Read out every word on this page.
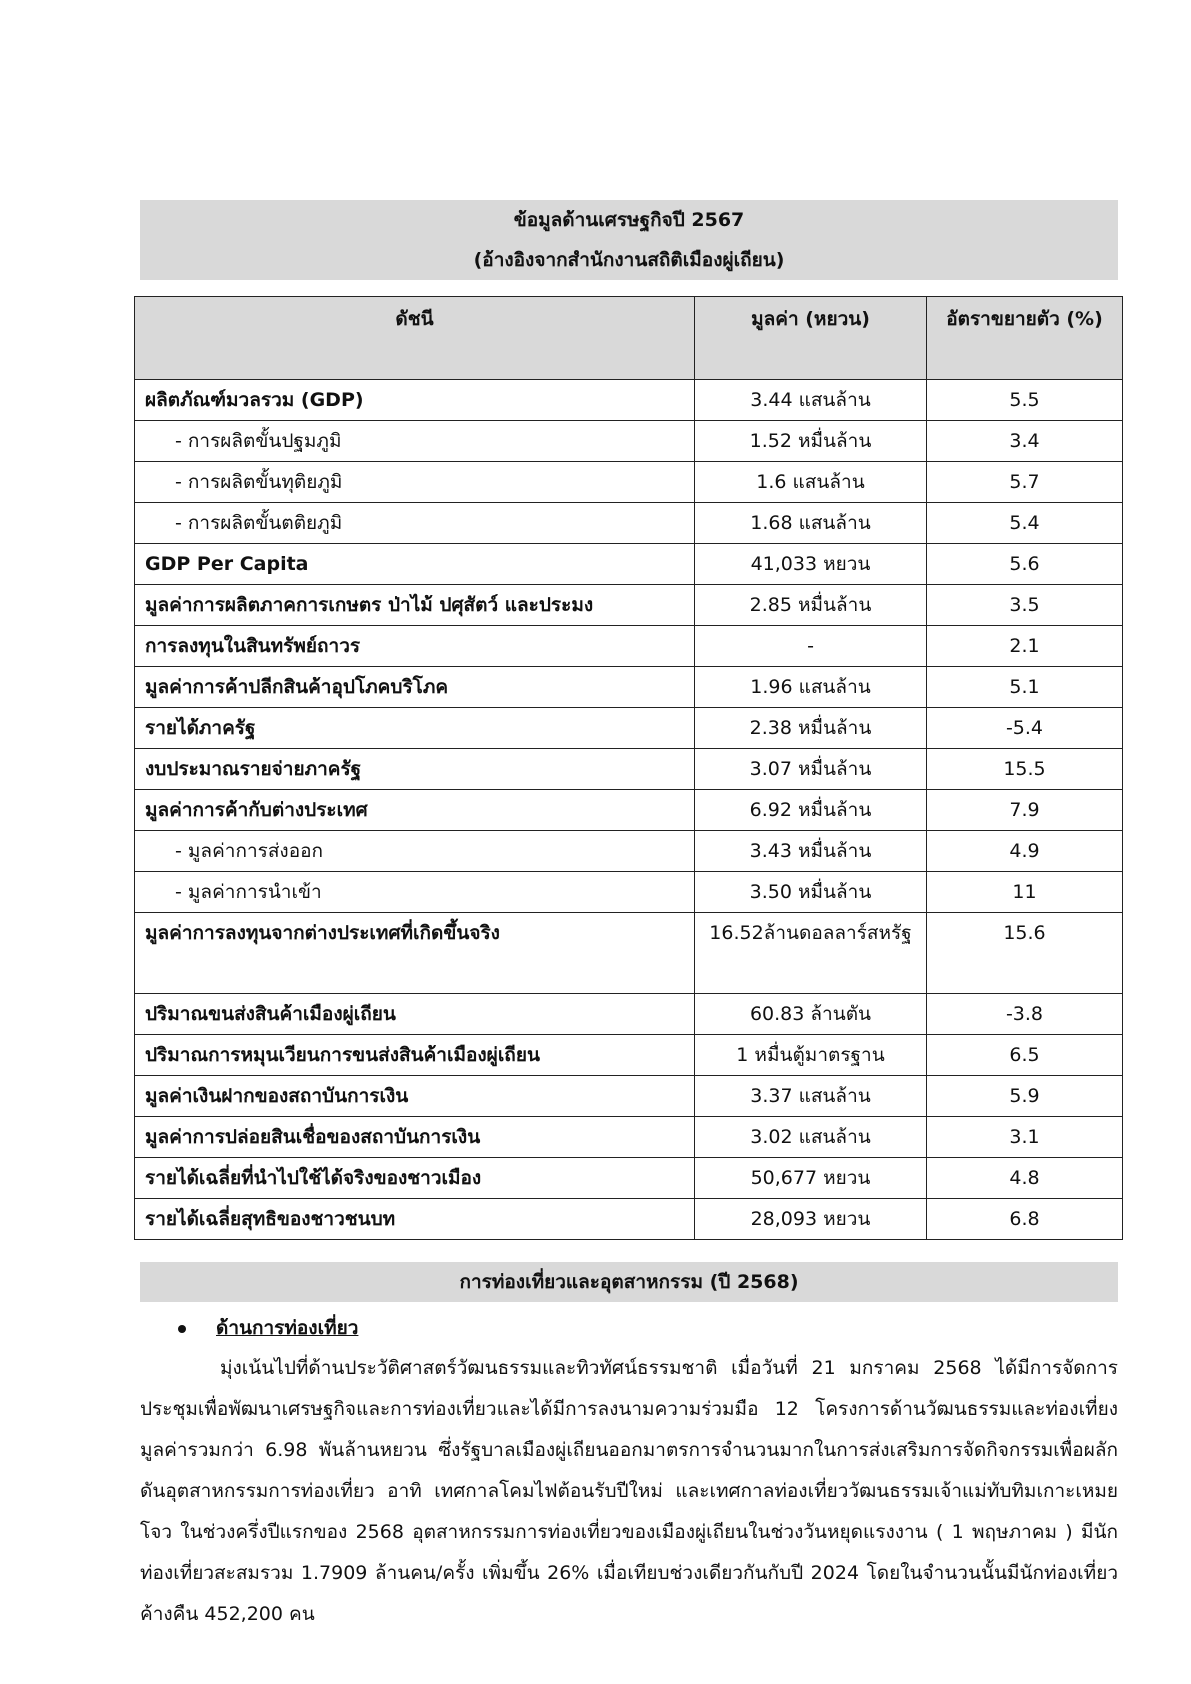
ข้อมูลด้านเศรษฐกิจปี 2567
(อ้างอิงจากสำนักงานสถิติเมืองผู่เถียน)
ดัชนี	มูลค่า (หยวน)	อัตราขยายตัว (%)
ผลิตภัณฑ์มวลรวม (GDP)	3.44 แสนล้าน	5.5
- การผลิตขั้นปฐมภูมิ	1.52 หมื่นล้าน	3.4
- การผลิตขั้นทุติยภูมิ	1.6 แสนล้าน	5.7
- การผลิตขั้นตติยภูมิ	1.68 แสนล้าน	5.4
GDP Per Capita	41,033 หยวน	5.6
มูลค่าการผลิตภาคการเกษตร ป่าไม้ ปศุสัตว์ และประมง	2.85 หมื่นล้าน	3.5
การลงทุนในสินทรัพย์ถาวร	-	2.1
มูลค่าการค้าปลีกสินค้าอุปโภคบริโภค	1.96 แสนล้าน	5.1
รายได้ภาครัฐ	2.38 หมื่นล้าน	-5.4
งบประมาณรายจ่ายภาครัฐ	3.07 หมื่นล้าน	15.5
มูลค่าการค้ากับต่างประเทศ	6.92 หมื่นล้าน	7.9
- มูลค่าการส่งออก	3.43 หมื่นล้าน	4.9
- มูลค่าการนำเข้า	3.50 หมื่นล้าน	11
มูลค่าการลงทุนจากต่างประเทศที่เกิดขึ้นจริง	16.52ล้านดอลลาร์สหรัฐ	15.6
ปริมาณขนส่งสินค้าเมืองผู่เถียน	60.83 ล้านตัน	-3.8
ปริมาณการหมุนเวียนการขนส่งสินค้าเมืองผู่เถียน	1 หมื่นตู้มาตรฐาน	6.5
มูลค่าเงินฝากของสถาบันการเงิน	3.37 แสนล้าน	5.9
มูลค่าการปล่อยสินเชื่อของสถาบันการเงิน	3.02 แสนล้าน	3.1
รายได้เฉลี่ยที่นำไปใช้ได้จริงของชาวเมือง	50,677 หยวน	4.8
รายได้เฉลี่ยสุทธิของชาวชนบท	28,093 หยวน	6.8
การท่องเที่ยวและอุตสาหกรรม (ปี 2568)
ด้านการท่องเที่ยว
มุ่งเน้นไปที่ด้านประวัติศาสตร์วัฒนธรรมและทิวทัศน์ธรรมชาติ เมื่อวันที่ 21 มกราคม 2568 ได้มีการจัดการประชุมเพื่อพัฒนาเศรษฐกิจและการท่องเที่ยวและได้มีการลงนามความร่วมมือ 12 โครงการด้านวัฒนธรรมและท่องเที่ยง มูลค่ารวมกว่า 6.98 พันล้านหยวน ซึ่งรัฐบาลเมืองผู่เถียนออกมาตรการจำนวนมากในการส่งเสริมการจัดกิจกรรมเพื่อผลักดันอุตสาหกรรมการท่องเที่ยว อาทิ เทศกาลโคมไฟต้อนรับปีใหม่ และเทศกาลท่องเที่ยววัฒนธรรมเจ้าแม่ทับทิมเกาะเหมยโจว ในช่วงครึ่งปีแรกของ 2568 อุตสาหกรรมการท่องเที่ยวของเมืองผู่เถียนในช่วงวันหยุดแรงงาน ( 1 พฤษภาคม ) มีนักท่องเที่ยวสะสมรวม 1.7909 ล้านคน/ครั้ง เพิ่มขึ้น 26% เมื่อเทียบช่วงเดียวกันกับปี 2024 โดยในจำนวนนั้นมีนักท่องเที่ยวค้างคืน 452,200 คน
